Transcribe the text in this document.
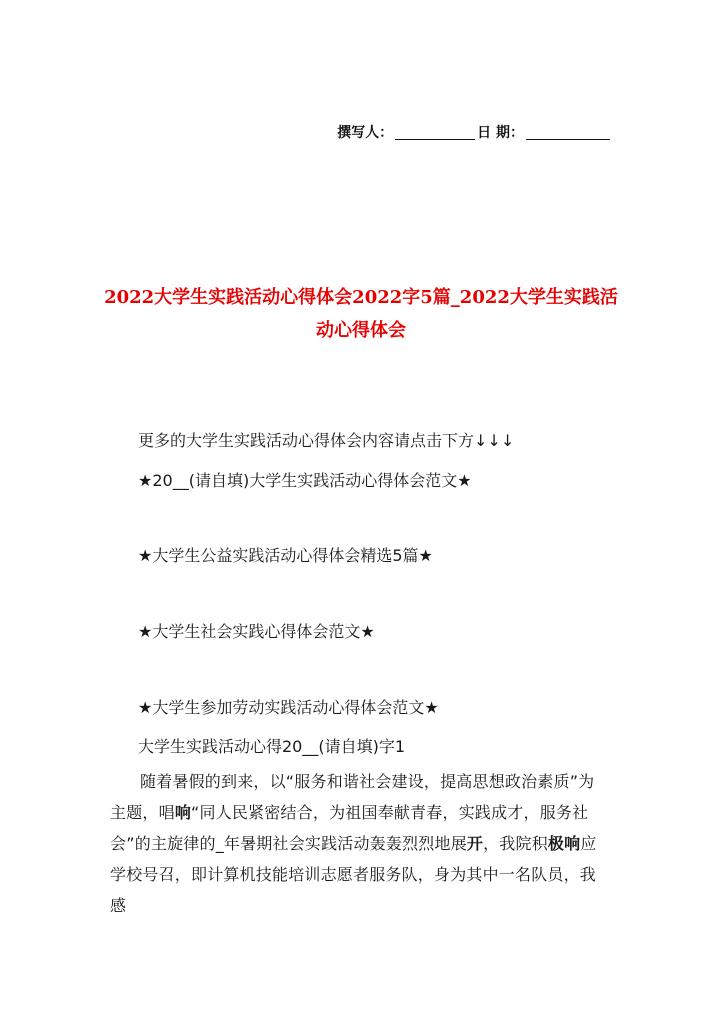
撰写人：	日 期：
2022大学生实践活动心得体会2022字5篇_2022大学生实践活动心得体会
更多的大学生实践活动心得体会内容请点击下方↓↓↓
★20__(请自填)大学生实践活动心得体会范文★
★大学生公益实践活动心得体会精选5篇★
★大学生社会实践心得体会范文★
★大学生参加劳动实践活动心得体会范文★
大学生实践活动心得20__(请自填)字1
随着暑假的到来，以“服务和谐社会建设，提高思想政治素质”为主题，唱响“同人民紧密结合，为祖国奉献青春，实践成才，服务社会”的主旋律的_年暑期社会实践活动轰轰烈烈地展开，我院积极响应学校号召，即计算机技能培训志愿者服务队，身为其中一名队员，我感
